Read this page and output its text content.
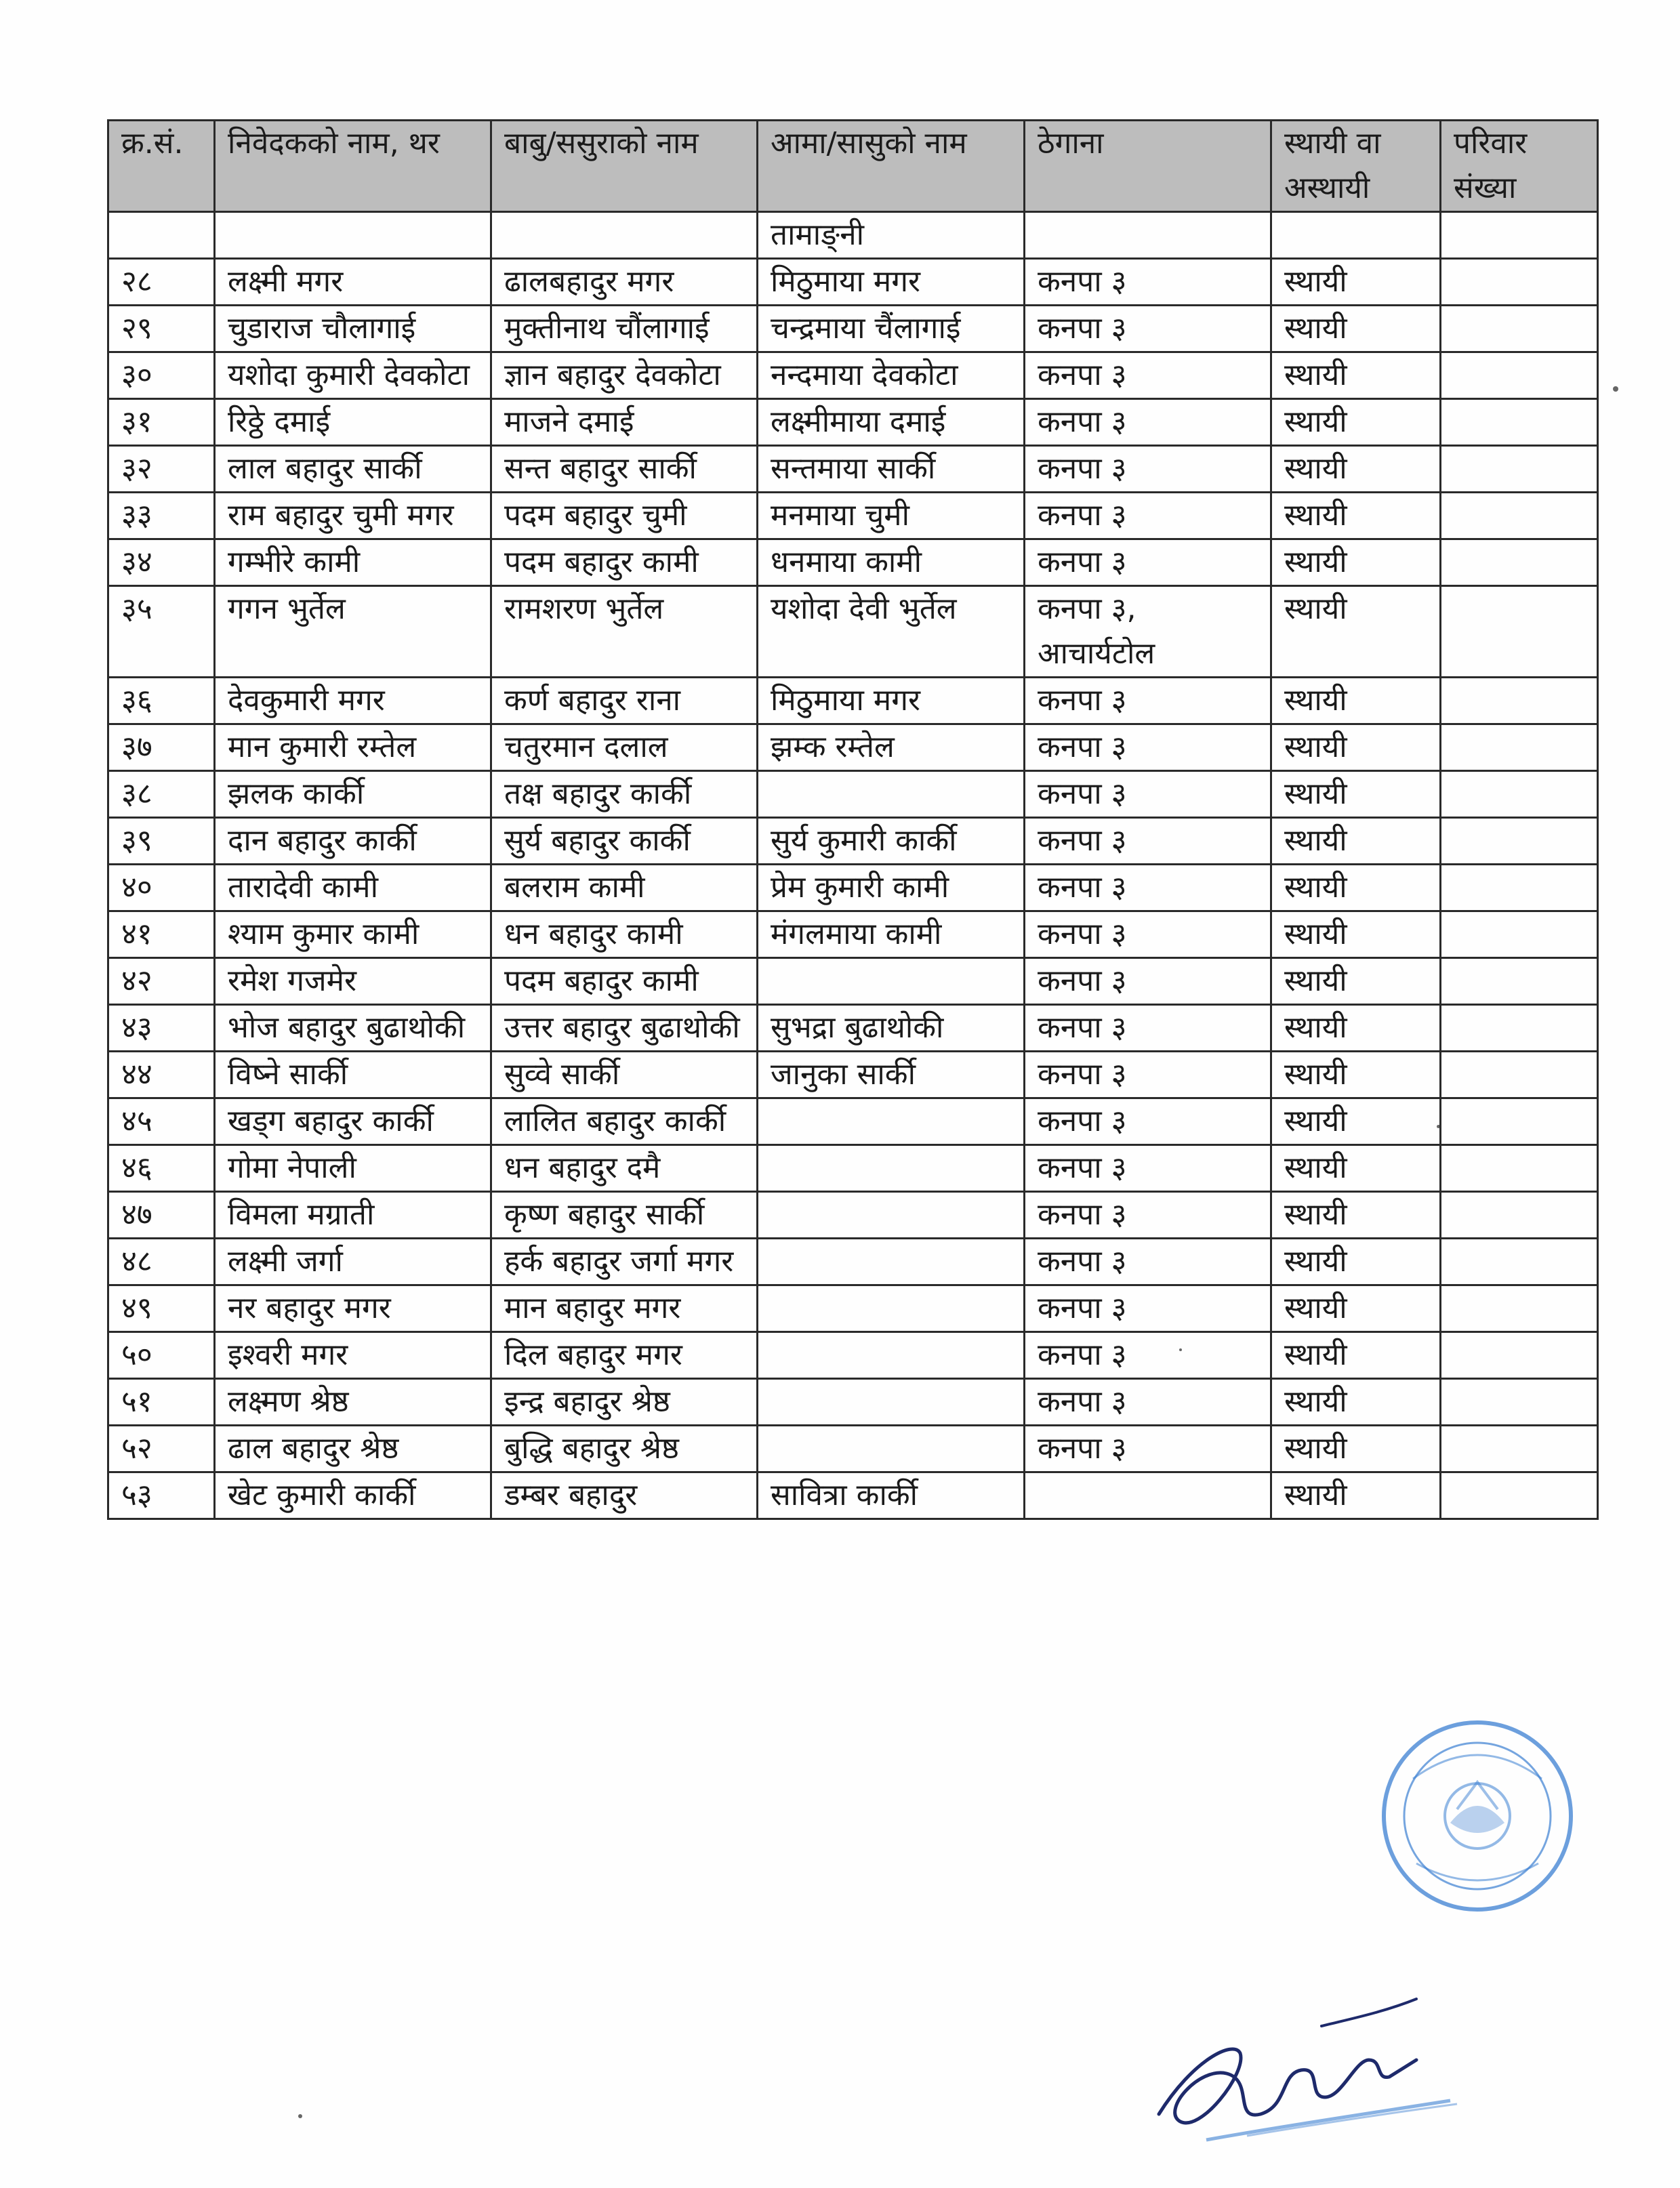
क्र.सं.	निवेदकको नाम, थर	बाबु/ससुराको नाम	आमा/सासुको नाम	ठेगाना	स्थायी वा अस्थायी	परिवार संख्या
			तामाङ्नी			
२८	लक्ष्मी मगर	ढालबहादुर मगर	मिठुमाया मगर	कनपा ३	स्थायी	
२९	चुडाराज चौलागाई	मुक्तीनाथ चौंलागाई	चन्द्रमाया चैंलागाई	कनपा ३	स्थायी	
३०	यशोदा कुमारी देवकोटा	ज्ञान बहादुर देवकोटा	नन्दमाया देवकोटा	कनपा ३	स्थायी	
३१	रिठ्ठे दमाई	माजने दमाई	लक्ष्मीमाया दमाई	कनपा ३	स्थायी	
३२	लाल बहादुर सार्की	सन्त बहादुर सार्की	सन्तमाया सार्की	कनपा ३	स्थायी	
३३	राम बहादुर चुमी मगर	पदम बहादुर चुमी	मनमाया चुमी	कनपा ३	स्थायी	
३४	गम्भीरे कामी	पदम बहादुर कामी	धनमाया कामी	कनपा ३	स्थायी	
३५	गगन भुर्तेल	रामशरण भुर्तेल	यशोदा देवी भुर्तेल	कनपा ३, आचार्यटोल	स्थायी	
३६	देवकुमारी मगर	कर्ण बहादुर राना	मिठुमाया मगर	कनपा ३	स्थायी	
३७	मान कुमारी रम्तेल	चतुरमान दलाल	झम्क रम्तेल	कनपा ३	स्थायी	
३८	झलक कार्की	तक्ष बहादुर कार्की		कनपा ३	स्थायी	
३९	दान बहादुर कार्की	सुर्य बहादुर कार्की	सुर्य कुमारी कार्की	कनपा ३	स्थायी	
४०	तारादेवी कामी	बलराम कामी	प्रेम कुमारी कामी	कनपा ३	स्थायी	
४१	श्याम कुमार कामी	धन बहादुर कामी	मंगलमाया कामी	कनपा ३	स्थायी	
४२	रमेश गजमेर	पदम बहादुर कामी		कनपा ३	स्थायी	
४३	भोज बहादुर बुढाथोकी	उत्तर बहादुर बुढाथोकी	सुभद्रा बुढाथोकी	कनपा ३	स्थायी	
४४	विष्ने सार्की	सुव्वे सार्की	जानुका सार्की	कनपा ३	स्थायी	
४५	खड्ग बहादुर कार्की	लालित बहादुर कार्की		कनपा ३	स्थायी	
४६	गोमा नेपाली	धन बहादुर दमै		कनपा ३	स्थायी	
४७	विमला मग्राती	कृष्ण बहादुर सार्की		कनपा ३	स्थायी	
४८	लक्ष्मी जर्गा	हर्क बहादुर जर्गा मगर		कनपा ३	स्थायी	
४९	नर बहादुर मगर	मान बहादुर मगर		कनपा ३	स्थायी	
५०	इश्वरी मगर	दिल बहादुर मगर		कनपा ३	स्थायी	
५१	लक्ष्मण श्रेष्ठ	इन्द्र बहादुर श्रेष्ठ		कनपा ३	स्थायी	
५२	ढाल बहादुर श्रेष्ठ	बुद्धि बहादुर श्रेष्ठ		कनपा ३	स्थायी	
५३	खेट कुमारी कार्की	डम्बर बहादुर	सावित्रा कार्की		स्थायी	
